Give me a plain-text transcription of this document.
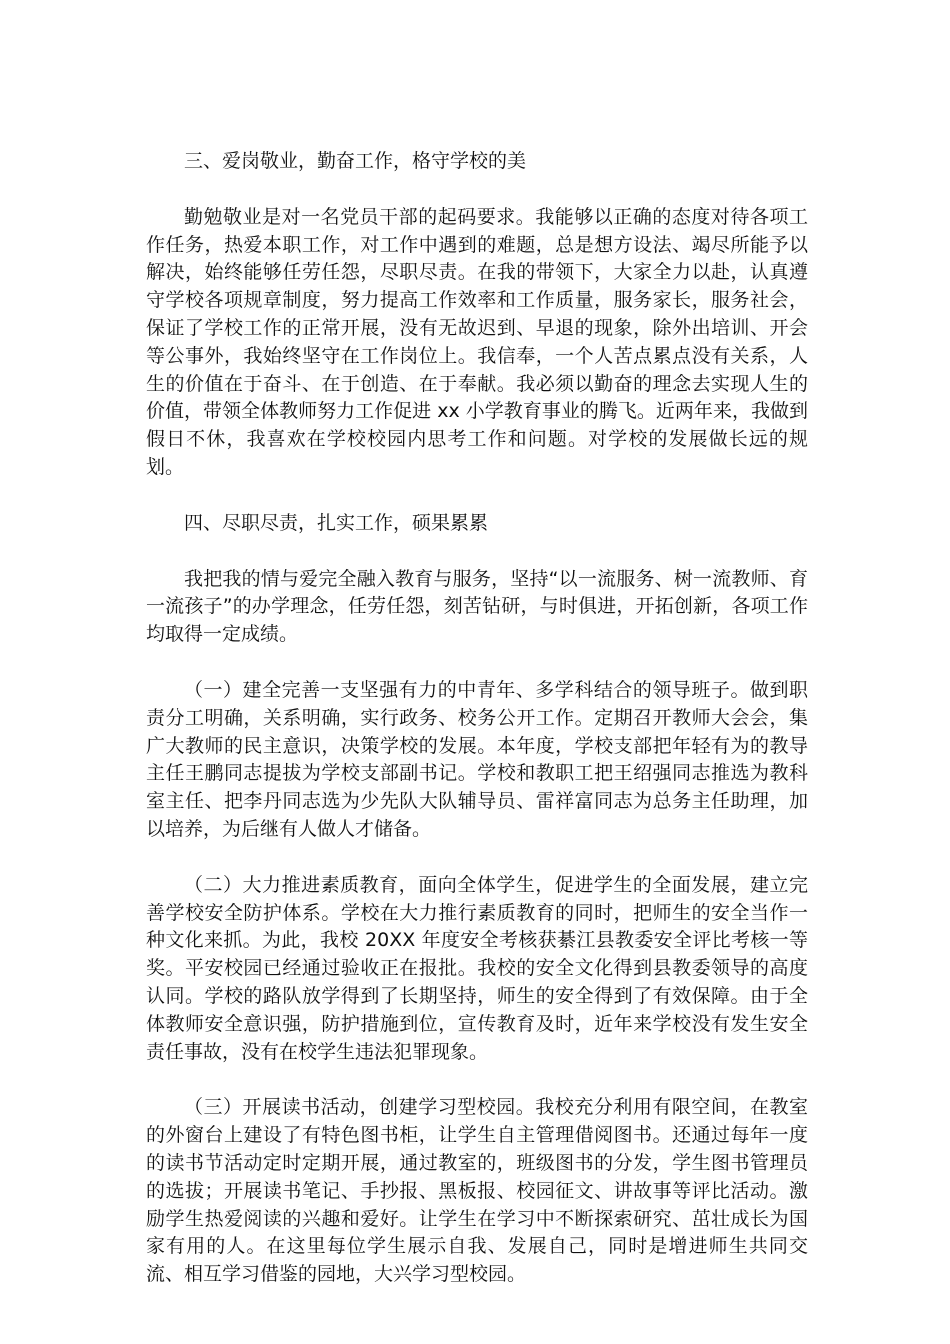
三、爱岗敬业，勤奋工作，格守学校的美

勤勉敬业是对一名党员干部的起码要求。我能够以正确的态度对待各项工作任务，热爱本职工作，对工作中遇到的难题，总是想方设法、竭尽所能予以解决，始终能够任劳任怨，尽职尽责。在我的带领下，大家全力以赴，认真遵守学校各项规章制度，努力提高工作效率和工作质量，服务家长，服务社会，保证了学校工作的正常开展，没有无故迟到、早退的现象，除外出培训、开会等公事外，我始终坚守在工作岗位上。我信奉，一个人苦点累点没有关系，人生的价值在于奋斗、在于创造、在于奉献。我必须以勤奋的理念去实现人生的价值，带领全体教师努力工作促进 xx 小学教育事业的腾飞。近两年来，我做到假日不休，我喜欢在学校校园内思考工作和问题。对学校的发展做长远的规划。

四、尽职尽责，扎实工作，硕果累累

我把我的情与爱完全融入教育与服务，坚持“以一流服务、树一流教师、育一流孩子”的办学理念，任劳任怨，刻苦钻研，与时俱进，开拓创新，各项工作均取得一定成绩。

（一）建全完善一支坚强有力的中青年、多学科结合的领导班子。做到职责分工明确，关系明确，实行政务、校务公开工作。定期召开教师大会会，集广大教师的民主意识，决策学校的发展。本年度，学校支部把年轻有为的教导主任王鹏同志提拔为学校支部副书记。学校和教职工把王绍强同志推选为教科室主任、把李丹同志选为少先队大队辅导员、雷祥富同志为总务主任助理，加以培养，为后继有人做人才储备。

（二）大力推进素质教育，面向全体学生，促进学生的全面发展，建立完善学校安全防护体系。学校在大力推行素质教育的同时，把师生的安全当作一种文化来抓。为此，我校 20XX 年度安全考核获綦江县教委安全评比考核一等奖。平安校园已经通过验收正在报批。我校的安全文化得到县教委领导的高度认同。学校的路队放学得到了长期坚持，师生的安全得到了有效保障。由于全体教师安全意识强，防护措施到位，宣传教育及时，近年来学校没有发生安全责任事故，没有在校学生违法犯罪现象。

（三）开展读书活动，创建学习型校园。我校充分利用有限空间，在教室的外窗台上建设了有特色图书柜，让学生自主管理借阅图书。还通过每年一度的读书节活动定时定期开展，通过教室的，班级图书的分发，学生图书管理员的选拔；开展读书笔记、手抄报、黑板报、校园征文、讲故事等评比活动。激励学生热爱阅读的兴趣和爱好。让学生在学习中不断探索研究、茁壮成长为国家有用的人。在这里每位学生展示自我、发展自己，同时是增进师生共同交流、相互学习借鉴的园地，大兴学习型校园。
